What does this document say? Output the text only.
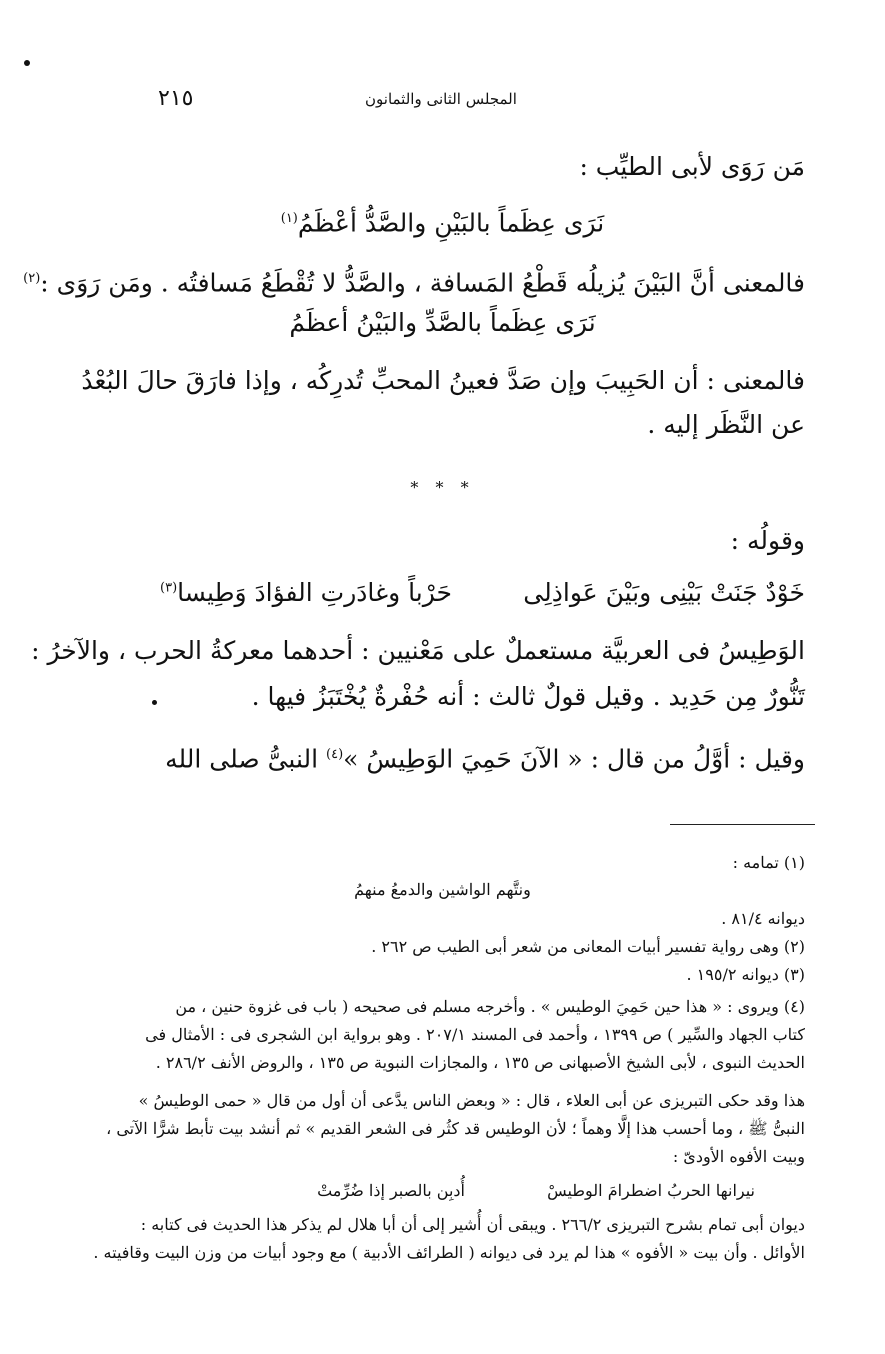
٢١٥	المجلس الثانى والثمانون
مَن رَوَى لأبى الطيِّب :
نَرَى عِظَماً بالبَيْنِ والصَّدُّ أعْظَمُ$^{(١)}$
فالمعنى أنَّ البَيْنَ يُزيلُه قَطْعُ المَسافة ، والصَّدُّ لا تُقْطَعُ مَسافتُه . ومَن رَوَى :$^{(٢)}$
نَرَى عِظَماً بالصَّدِّ والبَيْنُ أعظَمُ
فالمعنى : أن الحَبِيبَ وإن صَدَّ فعينُ المحبِّ تُدرِكُه ، وإذا فارَقَ حالَ البُعْدُ
عن النَّظَر إليه .
* * *
وقولُه :
خَوْدٌ جَنَتْ بَيْنِى وبَيْنَ عَواذِلِى
حَرْباً وغادَرتِ الفؤادَ وَطِيسا$^{(٣)}$
الوَطِيسُ فى العربيَّة مستعملٌ على مَعْنيين : أحدهما معركةُ الحرب ، والآخرُ :
تَنُّورٌ مِن حَدِيد . وقيل قولٌ ثالث : أنه حُفْرةٌ يُخْتَبَزُ فيها .
وقيل : أوَّلُ من قال : « الآنَ حَمِيَ الوَطِيسُ »$^{(٤)}$ النبىُّ صلى الله
(١) تمامه :
ونتَّهم الواشين والدمعُ منهمُ
ديوانه ٨١/٤ .
(٢) وهى رواية تفسير أبيات المعانى من شعر أبى الطيب ص ٢٦٢ .
(٣) ديوانه ١٩٥/٢ .
(٤) ويروى : « هذا حين حَمِيَ الوطيس » . وأخرجه مسلم فى صحيحه ( باب فى غزوة حنين ، من
كتاب الجهاد والسِّير ) ص ١٣٩٩ ، وأحمد فى المسند ٢٠٧/١ . وهو برواية ابن الشجرى فى : الأمثال فى
الحديث النبوى ، لأبى الشيخ الأصبهانى ص ١٣٥ ، والمجازات النبوية ص ١٣٥ ، والروض الأنف ٢٨٦/٢ .
هذا وقد حكى التبريزى عن أبى العلاء ، قال : « وبعض الناس يدَّعى أن أول من قال « حمى الوطيسُ »
النبىُّ ﷺ ، وما أحسب هذا إلَّا وهماً ؛ لأن الوطيس قد كثُر فى الشعر القديم » ثم أنشد بيت تأبط شرًّا الآتى ،
وبيت الأفوه الأودىّ :
أُدبِن بالصبر إذا ضُرِّمتْ	نيرانها الحربُ اضطرامَ الوطيسْ
ديوان أبى تمام بشرح التبريزى ٢٦٦/٢ . ويبقى أن أُشير إلى أن أبا هلال لم يذكر هذا الحديث فى كتابه :
الأوائل . وأن بيت « الأفوه » هذا لم يرد فى ديوانه ( الطرائف الأدبية ) مع وجود أبيات من وزن البيت وقافيته .
